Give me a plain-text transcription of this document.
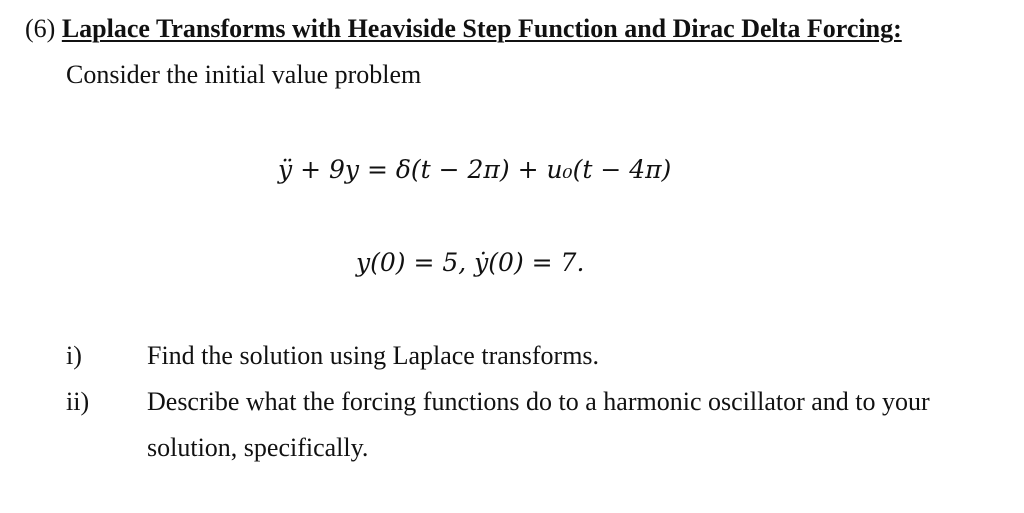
(6) Laplace Transforms with Heaviside Step Function and Dirac Delta Forcing:
Consider the initial value problem
ÿ + 9y = δ(t − 2π) + u₀(t − 4π)
y(0) = 5, ẏ(0) = 7.
i)	Find the solution using Laplace transforms.
ii) Describe what the forcing functions do to a harmonic oscillator and to your solution, specifically.
